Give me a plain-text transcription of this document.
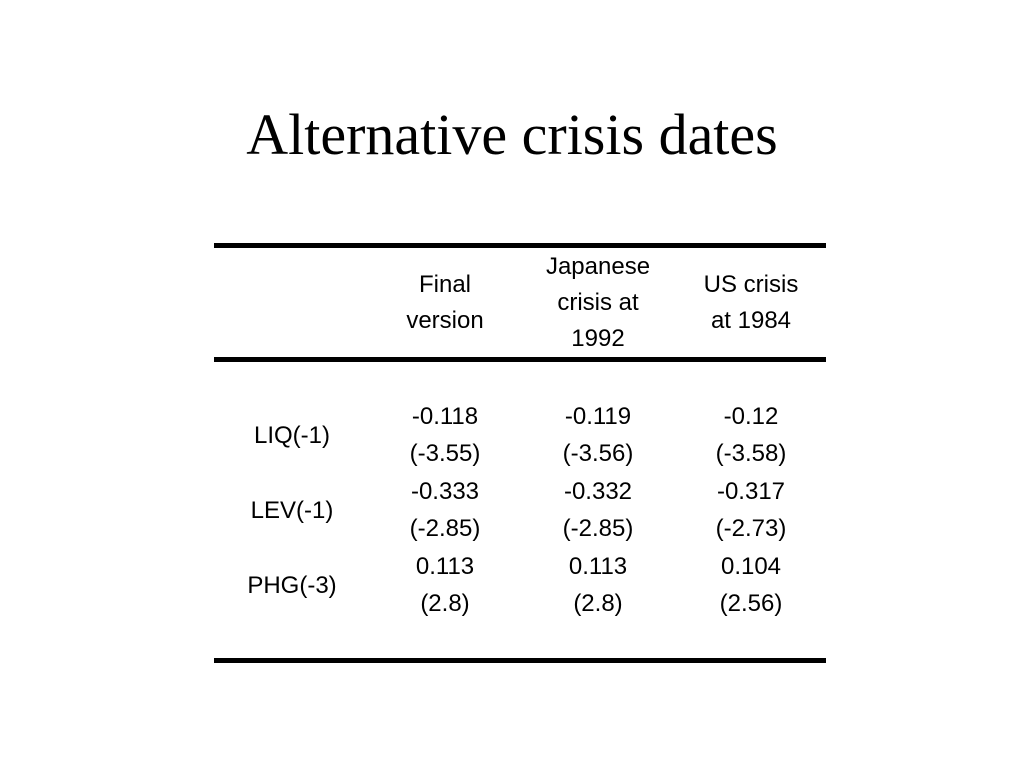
Alternative crisis dates
Final
version
Japanese
crisis at
1992
US crisis
at 1984
LIQ(-1)
-0.118
(-3.55)
-0.119
(-3.56)
-0.12
(-3.58)
LEV(-1)
-0.333
(-2.85)
-0.332
(-2.85)
-0.317
(-2.73)
PHG(-3)
0.113
(2.8)
0.113
(2.8)
0.104
(2.56)
